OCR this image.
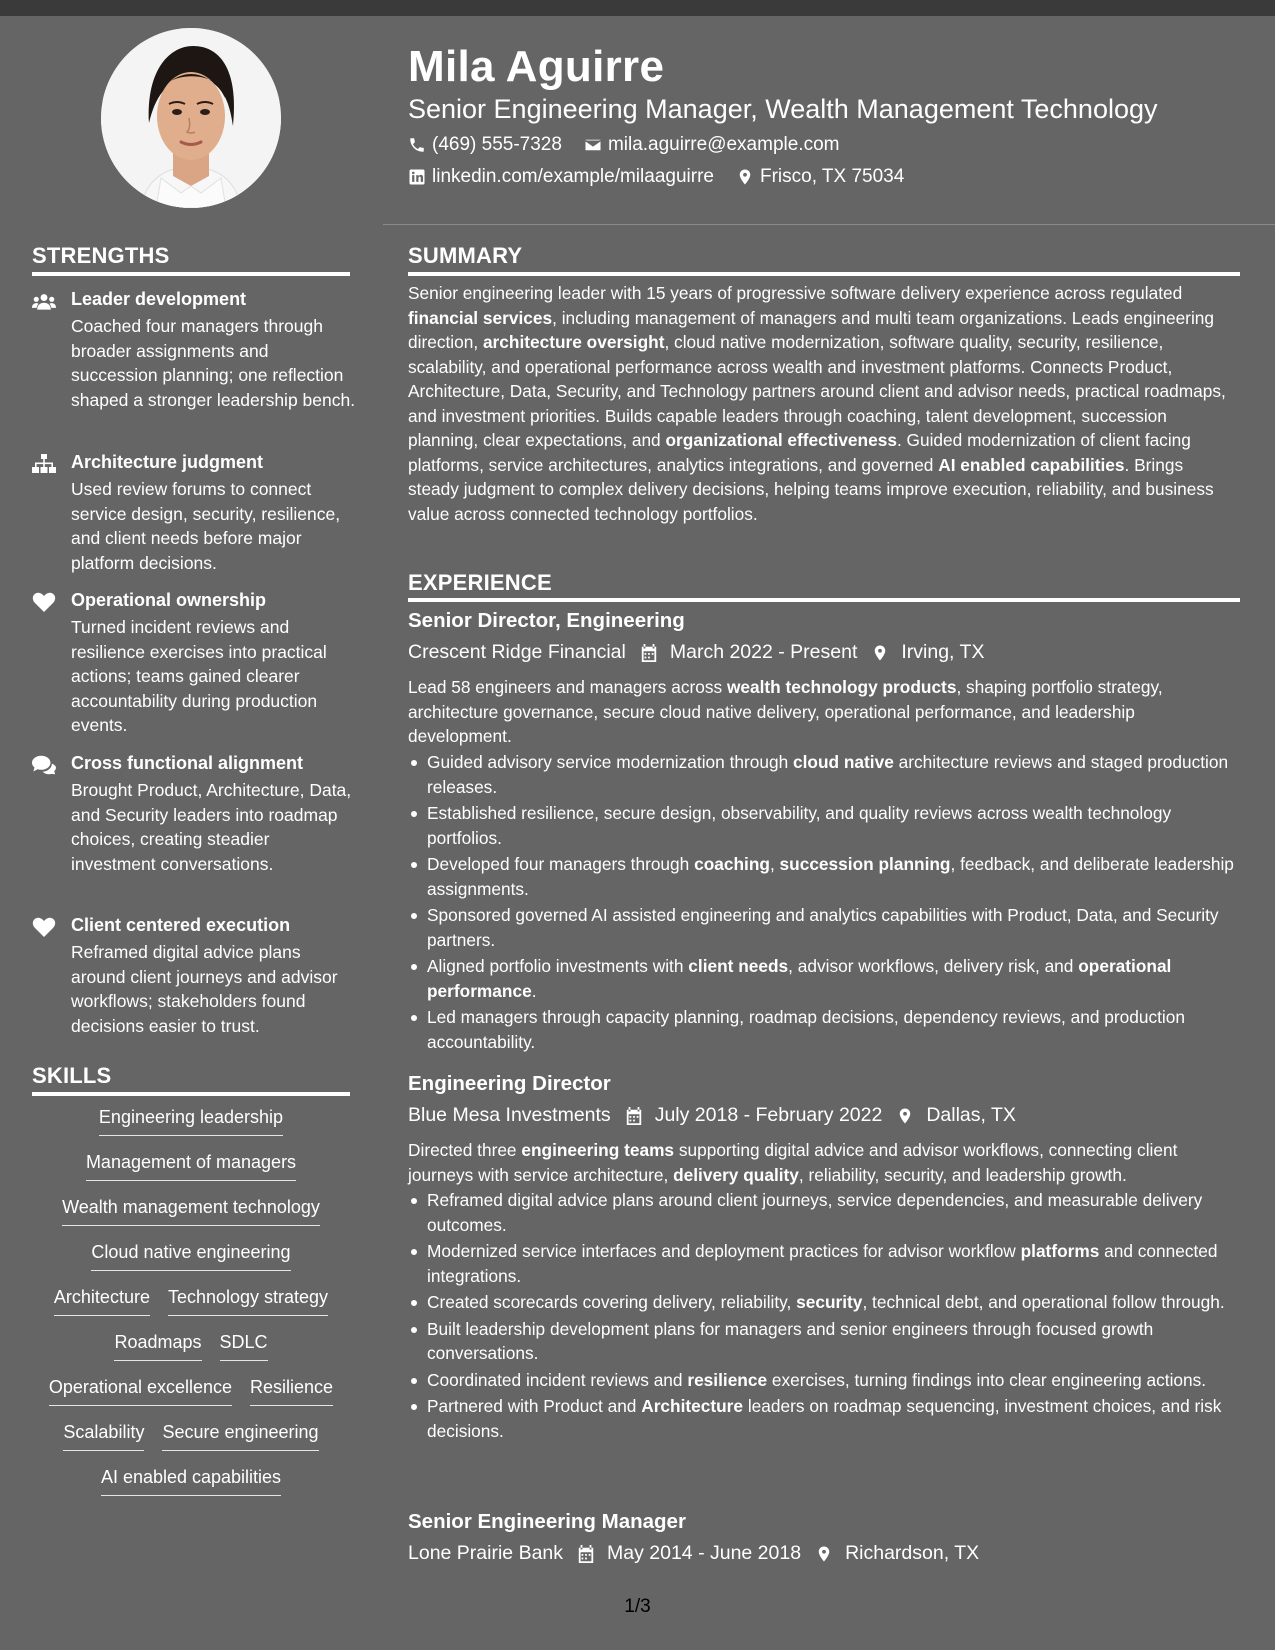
Mila Aguirre
Senior Engineering Manager, Wealth Management Technology
(469) 555-7328 mila.aguirre@example.com
linkedin.com/example/milaaguirre Frisco, TX 75034
STRENGTHS
Leader development
Coached four managers through broader assignments and succession planning; one reflection shaped a stronger leadership bench.
Architecture judgment
Used review forums to connect service design, security, resilience, and client needs before major platform decisions.
Operational ownership
Turned incident reviews and resilience exercises into practical actions; teams gained clearer accountability during production events.
Cross functional alignment
Brought Product, Architecture, Data, and Security leaders into roadmap choices, creating steadier investment conversations.
Client centered execution
Reframed digital advice plans around client journeys and advisor workflows; stakeholders found decisions easier to trust.
SKILLS
Engineering leadership
Management of managers
Wealth management technology
Cloud native engineering
Architecture Technology strategy
Roadmaps SDLC
Operational excellence Resilience
Scalability Secure engineering
AI enabled capabilities
SUMMARY
Senior engineering leader with 15 years of progressive software delivery experience across regulated financial services, including management of managers and multi team organizations. Leads engineering direction, architecture oversight, cloud native modernization, software quality, security, resilience, scalability, and operational performance across wealth and investment platforms. Connects Product, Architecture, Data, Security, and Technology partners around client and advisor needs, practical roadmaps, and investment priorities. Builds capable leaders through coaching, talent development, succession planning, clear expectations, and organizational effectiveness. Guided modernization of client facing platforms, service architectures, analytics integrations, and governed AI enabled capabilities. Brings steady judgment to complex delivery decisions, helping teams improve execution, reliability, and business value across connected technology portfolios.
EXPERIENCE
Senior Director, Engineering
Crescent Ridge Financial March 2022 - Present Irving, TX
Lead 58 engineers and managers across wealth technology products, shaping portfolio strategy, architecture governance, secure cloud native delivery, operational performance, and leadership development.
Guided advisory service modernization through cloud native architecture reviews and staged production releases.
Established resilience, secure design, observability, and quality reviews across wealth technology portfolios.
Developed four managers through coaching, succession planning, feedback, and deliberate leadership assignments.
Sponsored governed AI assisted engineering and analytics capabilities with Product, Data, and Security partners.
Aligned portfolio investments with client needs, advisor workflows, delivery risk, and operational performance.
Led managers through capacity planning, roadmap decisions, dependency reviews, and production accountability.
Engineering Director
Blue Mesa Investments July 2018 - February 2022 Dallas, TX
Directed three engineering teams supporting digital advice and advisor workflows, connecting client journeys with service architecture, delivery quality, reliability, security, and leadership growth.
Reframed digital advice plans around client journeys, service dependencies, and measurable delivery outcomes.
Modernized service interfaces and deployment practices for advisor workflow platforms and connected integrations.
Created scorecards covering delivery, reliability, security, technical debt, and operational follow through.
Built leadership development plans for managers and senior engineers through focused growth conversations.
Coordinated incident reviews and resilience exercises, turning findings into clear engineering actions.
Partnered with Product and Architecture leaders on roadmap sequencing, investment choices, and risk decisions.
Senior Engineering Manager
Lone Prairie Bank May 2014 - June 2018 Richardson, TX
1/3
